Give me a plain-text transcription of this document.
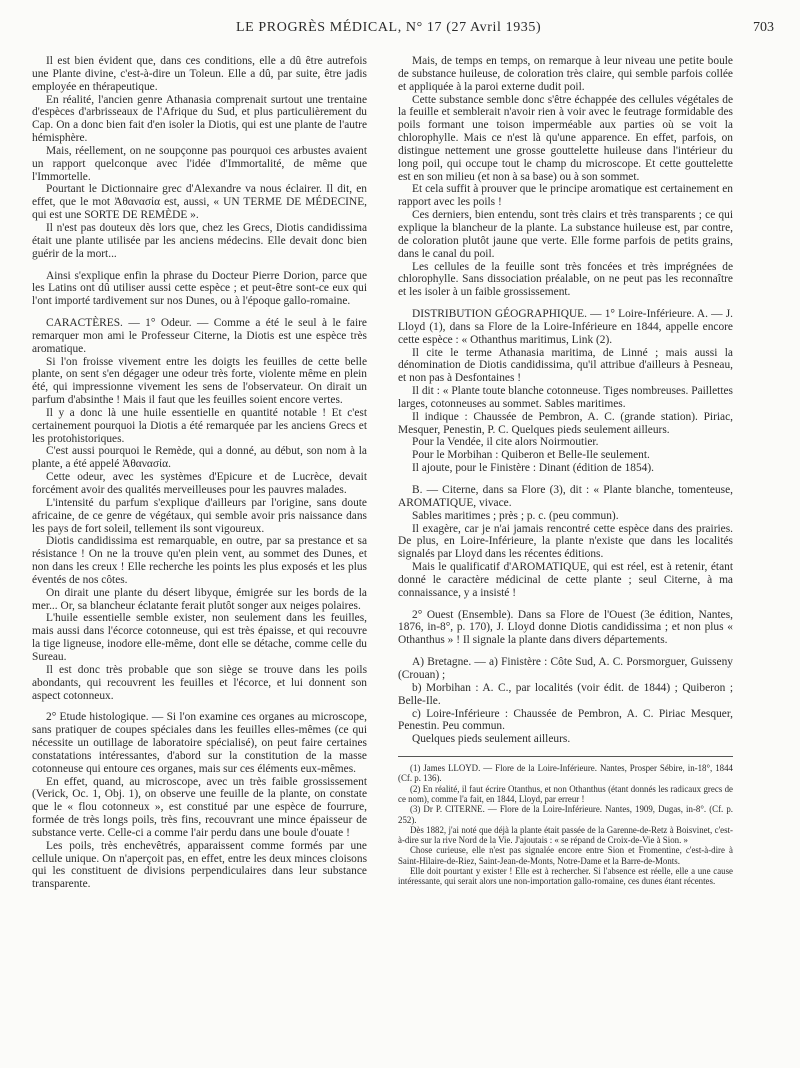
LE PROGRÈS MÉDICAL, N° 17 (27 Avril 1935)	703

Il est bien évident que, dans ces conditions, elle a dû être autrefois une Plante divine, c'est-à-dire un Toleun. Elle a dû, par suite, être jadis employée en thérapeutique.

En réalité, l'ancien genre Athanasia comprenait surtout une trentaine d'espèces d'arbrisseaux de l'Afrique du Sud, et plus particulièrement du Cap. On a donc bien fait d'en isoler la Diotis, qui est une plante de l'autre hémisphère.

Mais, réellement, on ne soupçonne pas pourquoi ces arbustes avaient un rapport quelconque avec l'idée d'Immortalité, de même que l'Immortelle.

Pourtant le Dictionnaire grec d'Alexandre va nous éclairer. Il dit, en effet, que le mot Ἀθανασία est, aussi, « UN TERME DE MÉDECINE, qui est une SORTE DE REMÈDE ».

Il n'est pas douteux dès lors que, chez les Grecs, Diotis candidissima était une plante utilisée par les anciens médecins. Elle devait donc bien guérir de la mort...

Ainsi s'explique enfin la phrase du Docteur Pierre Dorion, parce que les Latins ont dû utiliser aussi cette espèce ; et peut-être sont-ce eux qui l'ont importé tardivement sur nos Dunes, ou à l'époque gallo-romaine.

CARACTÈRES. — 1° Odeur. — Comme a été le seul à le faire remarquer mon ami le Professeur Citerne, la Diotis est une espèce très aromatique.

Si l'on froisse vivement entre les doigts les feuilles de cette belle plante, on sent s'en dégager une odeur très forte, violente même en plein été, qui impressionne vivement les sens de l'observateur. On dirait un parfum d'absinthe ! Mais il faut que les feuilles soient encore vertes.

Il y a donc là une huile essentielle en quantité notable ! Et c'est certainement pourquoi la Diotis a été remarquée par les anciens Grecs et les protohistoriques.

C'est aussi pourquoi le Remède, qui a donné, au début, son nom à la plante, a été appelé Ἀθανασία.

Cette odeur, avec les systèmes d'Epicure et de Lucrèce, devait forcément avoir des qualités merveilleuses pour les pauvres malades.

L'intensité du parfum s'explique d'ailleurs par l'origine, sans doute africaine, de ce genre de végétaux, qui semble avoir pris naissance dans les pays de fort soleil, tellement ils sont vigoureux.

Diotis candidissima est remarquable, en outre, par sa prestance et sa résistance ! On ne la trouve qu'en plein vent, au sommet des Dunes, et non dans les creux ! Elle recherche les points les plus exposés et les plus éventés de nos côtes.

On dirait une plante du désert libyque, émigrée sur les bords de la mer... Or, sa blancheur éclatante ferait plutôt songer aux neiges polaires.

L'huile essentielle semble exister, non seulement dans les feuilles, mais aussi dans l'écorce cotonneuse, qui est très épaisse, et qui recouvre la tige ligneuse, inodore elle-même, dont elle se détache, comme celle du Sureau.

Il est donc très probable que son siège se trouve dans les poils abondants, qui recouvrent les feuilles et l'écorce, et lui donnent son aspect cotonneux.

2° Etude histologique. — Si l'on examine ces organes au microscope, sans pratiquer de coupes spéciales dans les feuilles elles-mêmes (ce qui nécessite un outillage de laboratoire spécialisé), on peut faire certaines constatations intéressantes, d'abord sur la constitution de la masse cotonneuse qui entoure ces organes, mais sur ces éléments eux-mêmes.

En effet, quand, au microscope, avec un très faible grossissement (Verick, Oc. 1, Obj. 1), on observe une feuille de la plante, on constate que le « flou cotonneux », est constitué par une espèce de fourrure, formée de très longs poils, très fins, recouvrant une mince épaisseur de substance verte. Celle-ci a comme l'air perdu dans une boule d'ouate !

Les poils, très enchevêtrés, apparaissent comme formés par une cellule unique. On n'aperçoit pas, en effet, entre les deux minces cloisons qui les constituent de divisions perpendiculaires dans leur substance transparente.

Mais, de temps en temps, on remarque à leur niveau une petite boule de substance huileuse, de coloration très claire, qui semble parfois collée et appliquée à la paroi externe dudit poil.

Cette substance semble donc s'être échappée des cellules végétales de la feuille et semblerait n'avoir rien à voir avec le feutrage formidable des poils formant une toison imperméable aux parties où se voit la chlorophylle. Mais ce n'est là qu'une apparence. En effet, parfois, on distingue nettement une grosse gouttelette huileuse dans l'intérieur du long poil, qui occupe tout le champ du microscope. Et cette gouttelette est en son milieu (et non à sa base) ou à son sommet.

Et cela suffit à prouver que le principe aromatique est certainement en rapport avec les poils !

Ces derniers, bien entendu, sont très clairs et très transparents ; ce qui explique la blancheur de la plante. La substance huileuse est, par contre, de coloration plutôt jaune que verte. Elle forme parfois de petits grains, dans le canal du poil.

Les cellules de la feuille sont très foncées et très imprégnées de chlorophylle. Sans dissociation préalable, on ne peut pas les reconnaître et les isoler à un faible grossissement.

DISTRIBUTION GÉOGRAPHIQUE. — 1° Loire-Inférieure. A. — J. Lloyd (1), dans sa Flore de la Loire-Inférieure en 1844, appelle encore cette espèce : « Othanthus maritimus, Link (2).

Il cite le terme Athanasia maritima, de Linné ; mais aussi la dénomination de Diotis candidissima, qu'il attribue d'ailleurs à Pesneau, et non pas à Desfontaines !

Il dit : « Plante toute blanche cotonneuse. Tiges nombreuses. Paillettes larges, cotonneuses au sommet. Sables maritimes.

Il indique : Chaussée de Pembron, A. C. (grande station). Piriac, Mesquer, Penestin, P. C. Quelques pieds seulement ailleurs.

Pour la Vendée, il cite alors Noirmoutier.

Pour le Morbihan : Quiberon et Belle-Ile seulement.

Il ajoute, pour le Finistère : Dinant (édition de 1854).

B. — Citerne, dans sa Flore (3), dit : « Plante blanche, tomenteuse, AROMATIQUE, vivace.

Sables maritimes ; près ; p. c. (peu commun).

Il exagère, car je n'ai jamais rencontré cette espèce dans des prairies. De plus, en Loire-Inférieure, la plante n'existe que dans les localités signalés par Lloyd dans les récentes éditions.

Mais le qualificatif d'AROMATIQUE, qui est réel, est à retenir, étant donné le caractère médicinal de cette plante ; seul Citerne, à ma connaissance, y a insisté !

2° Ouest (Ensemble). Dans sa Flore de l'Ouest (3e édition, Nantes, 1876, in-8°, p. 170), J. Lloyd donne Diotis candidissima ; et non plus « Othanthus » ! Il signale la plante dans divers départements.

A) Bretagne. — a) Finistère : Côte Sud, A. C. Porsmorguer, Guisseny (Crouan) ;

b) Morbihan : A. C., par localités (voir édit. de 1844) ; Quiberon ; Belle-Ile.

c) Loire-Inférieure : Chaussée de Pembron, A. C. Piriac Mesquer, Penestin. Peu commun.

Quelques pieds seulement ailleurs.

(1) James LLOYD. — Flore de la Loire-Inférieure. Nantes, Prosper Sébire, in-18°, 1844 (Cf. p. 136).

(2) En réalité, il faut écrire Otanthus, et non Othanthus (étant donnés les radicaux grecs de ce nom), comme l'a fait, en 1844, Lloyd, par erreur !

(3) Dr P. CITERNE. — Flore de la Loire-Inférieure. Nantes, 1909, Dugas, in-8°. (Cf. p. 252).

Dès 1882, j'ai noté que déjà la plante était passée de la Garenne-de-Retz à Boisvinet, c'est-à-dire sur la rive Nord de la Vie. J'ajoutais : « se répand de Croix-de-Vie à Sion. »

Chose curieuse, elle n'est pas signalée encore entre Sion et Fromentine, c'est-à-dire à Saint-Hilaire-de-Riez, Saint-Jean-de-Monts, Notre-Dame et la Barre-de-Monts.

Elle doit pourtant y exister ! Elle est à rechercher. Si l'absence est réelle, elle a une cause intéressante, qui serait alors une non-importation gallo-romaine, ces dunes étant récentes.
